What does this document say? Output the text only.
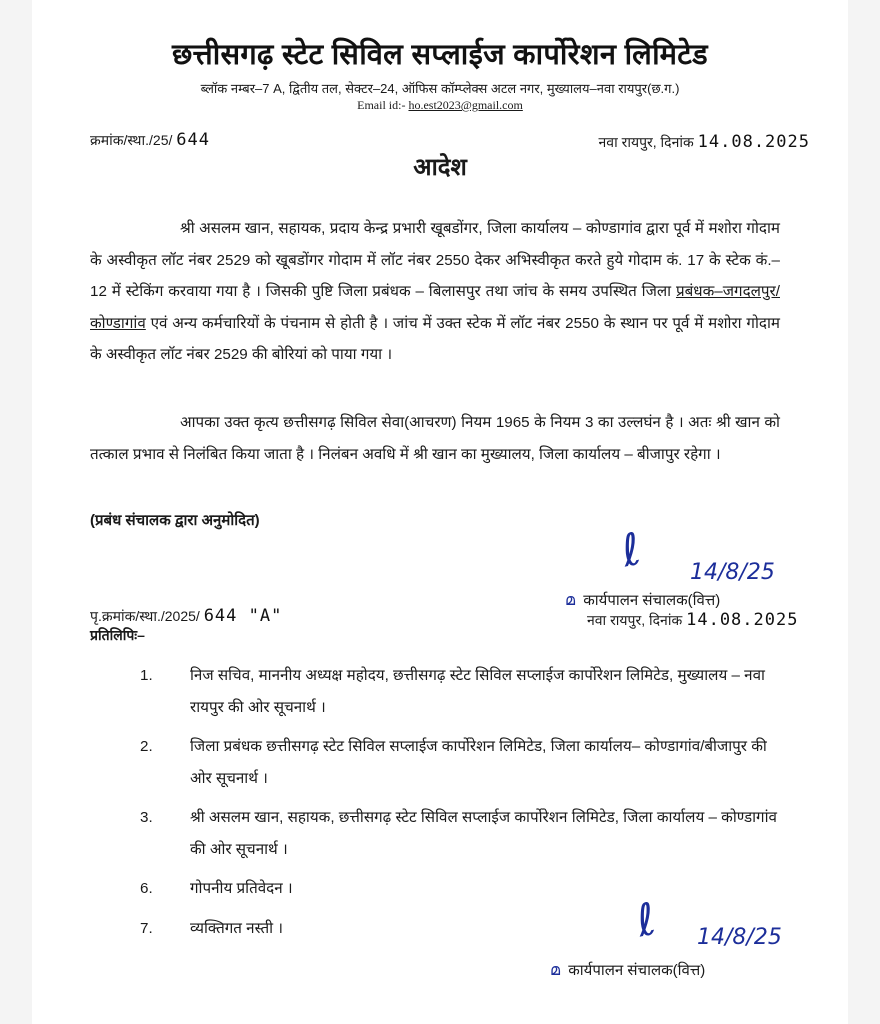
छत्तीसगढ़ स्टेट सिविल सप्लाईज कार्पोरेशन लिमिटेड
ब्लॉक नम्बर–7 A, द्वितीय तल, सेक्टर–24, ऑफिस कॉम्प्लेक्स अटल नगर, मुख्यालय–नवा रायपुर(छ.ग.)
Email id:- ho.est2023@gmail.com
क्रमांक/स्था./25/ 644	नवा रायपुर, दिनांक 14.08.2025
आदेश
श्री असलम खान, सहायक, प्रदाय केन्द्र प्रभारी खूबडोंगर, जिला कार्यालय – कोण्डागांव द्वारा पूर्व में मशोरा गोदाम के अस्वीकृत लॉट नंबर 2529 को खूबडोंगर गोदाम में लॉट नंबर 2550 देकर अभिस्वीकृत करते हुये गोदाम कं. 17 के स्टेक कं.–12 में स्टेकिंग करवाया गया है । जिसकी पुष्टि जिला प्रबंधक – बिलासपुर तथा जांच के समय उपस्थित जिला प्रबंधक–जगदलपुर/कोण्डागांव एवं अन्य कर्मचारियों के पंचनाम से होती है । जांच में उक्त स्टेक में लॉट नंबर 2550 के स्थान पर पूर्व में मशोरा गोदाम के अस्वीकृत लॉट नंबर 2529 की बोरियां को पाया गया ।
आपका उक्त कृत्य छत्तीसगढ़ सिविल सेवा(आचरण) नियम 1965 के नियम 3 का उल्लघंन है । अतः श्री खान को तत्काल प्रभाव से निलंबित किया जाता है । निलंबन अवधि में श्री खान का मुख्यालय, जिला कार्यालय – बीजापुर रहेगा ।
(प्रबंध संचालक द्वारा अनुमोदित)
ℓ 14/8/25
മ कार्यपालन संचालक(वित्त)
नवा रायपुर, दिनांक 14.08.2025
पृ.क्रमांक/स्था./2025/ 644 "A"
प्रतिलिपिः–
1. निज सचिव, माननीय अध्यक्ष महोदय, छत्तीसगढ़ स्टेट सिविल सप्लाईज कार्पोरेशन लिमिटेड, मुख्यालय – नवा रायपुर की ओर सूचनार्थ ।
2. जिला प्रबंधक छत्तीसगढ़ स्टेट सिविल सप्लाईज कार्पोरेशन लिमिटेड, जिला कार्यालय– कोण्डागांव/बीजापुर की ओर सूचनार्थ ।
3. श्री असलम खान, सहायक, छत्तीसगढ़ स्टेट सिविल सप्लाईज कार्पोरेशन लिमिटेड, जिला कार्यालय – कोण्डागांव की ओर सूचनार्थ ।
6. गोपनीय प्रतिवेदन ।
7. व्यक्तिगत नस्ती ।	ℓ 14/8/25
മ कार्यपालन संचालक(वित्त)
